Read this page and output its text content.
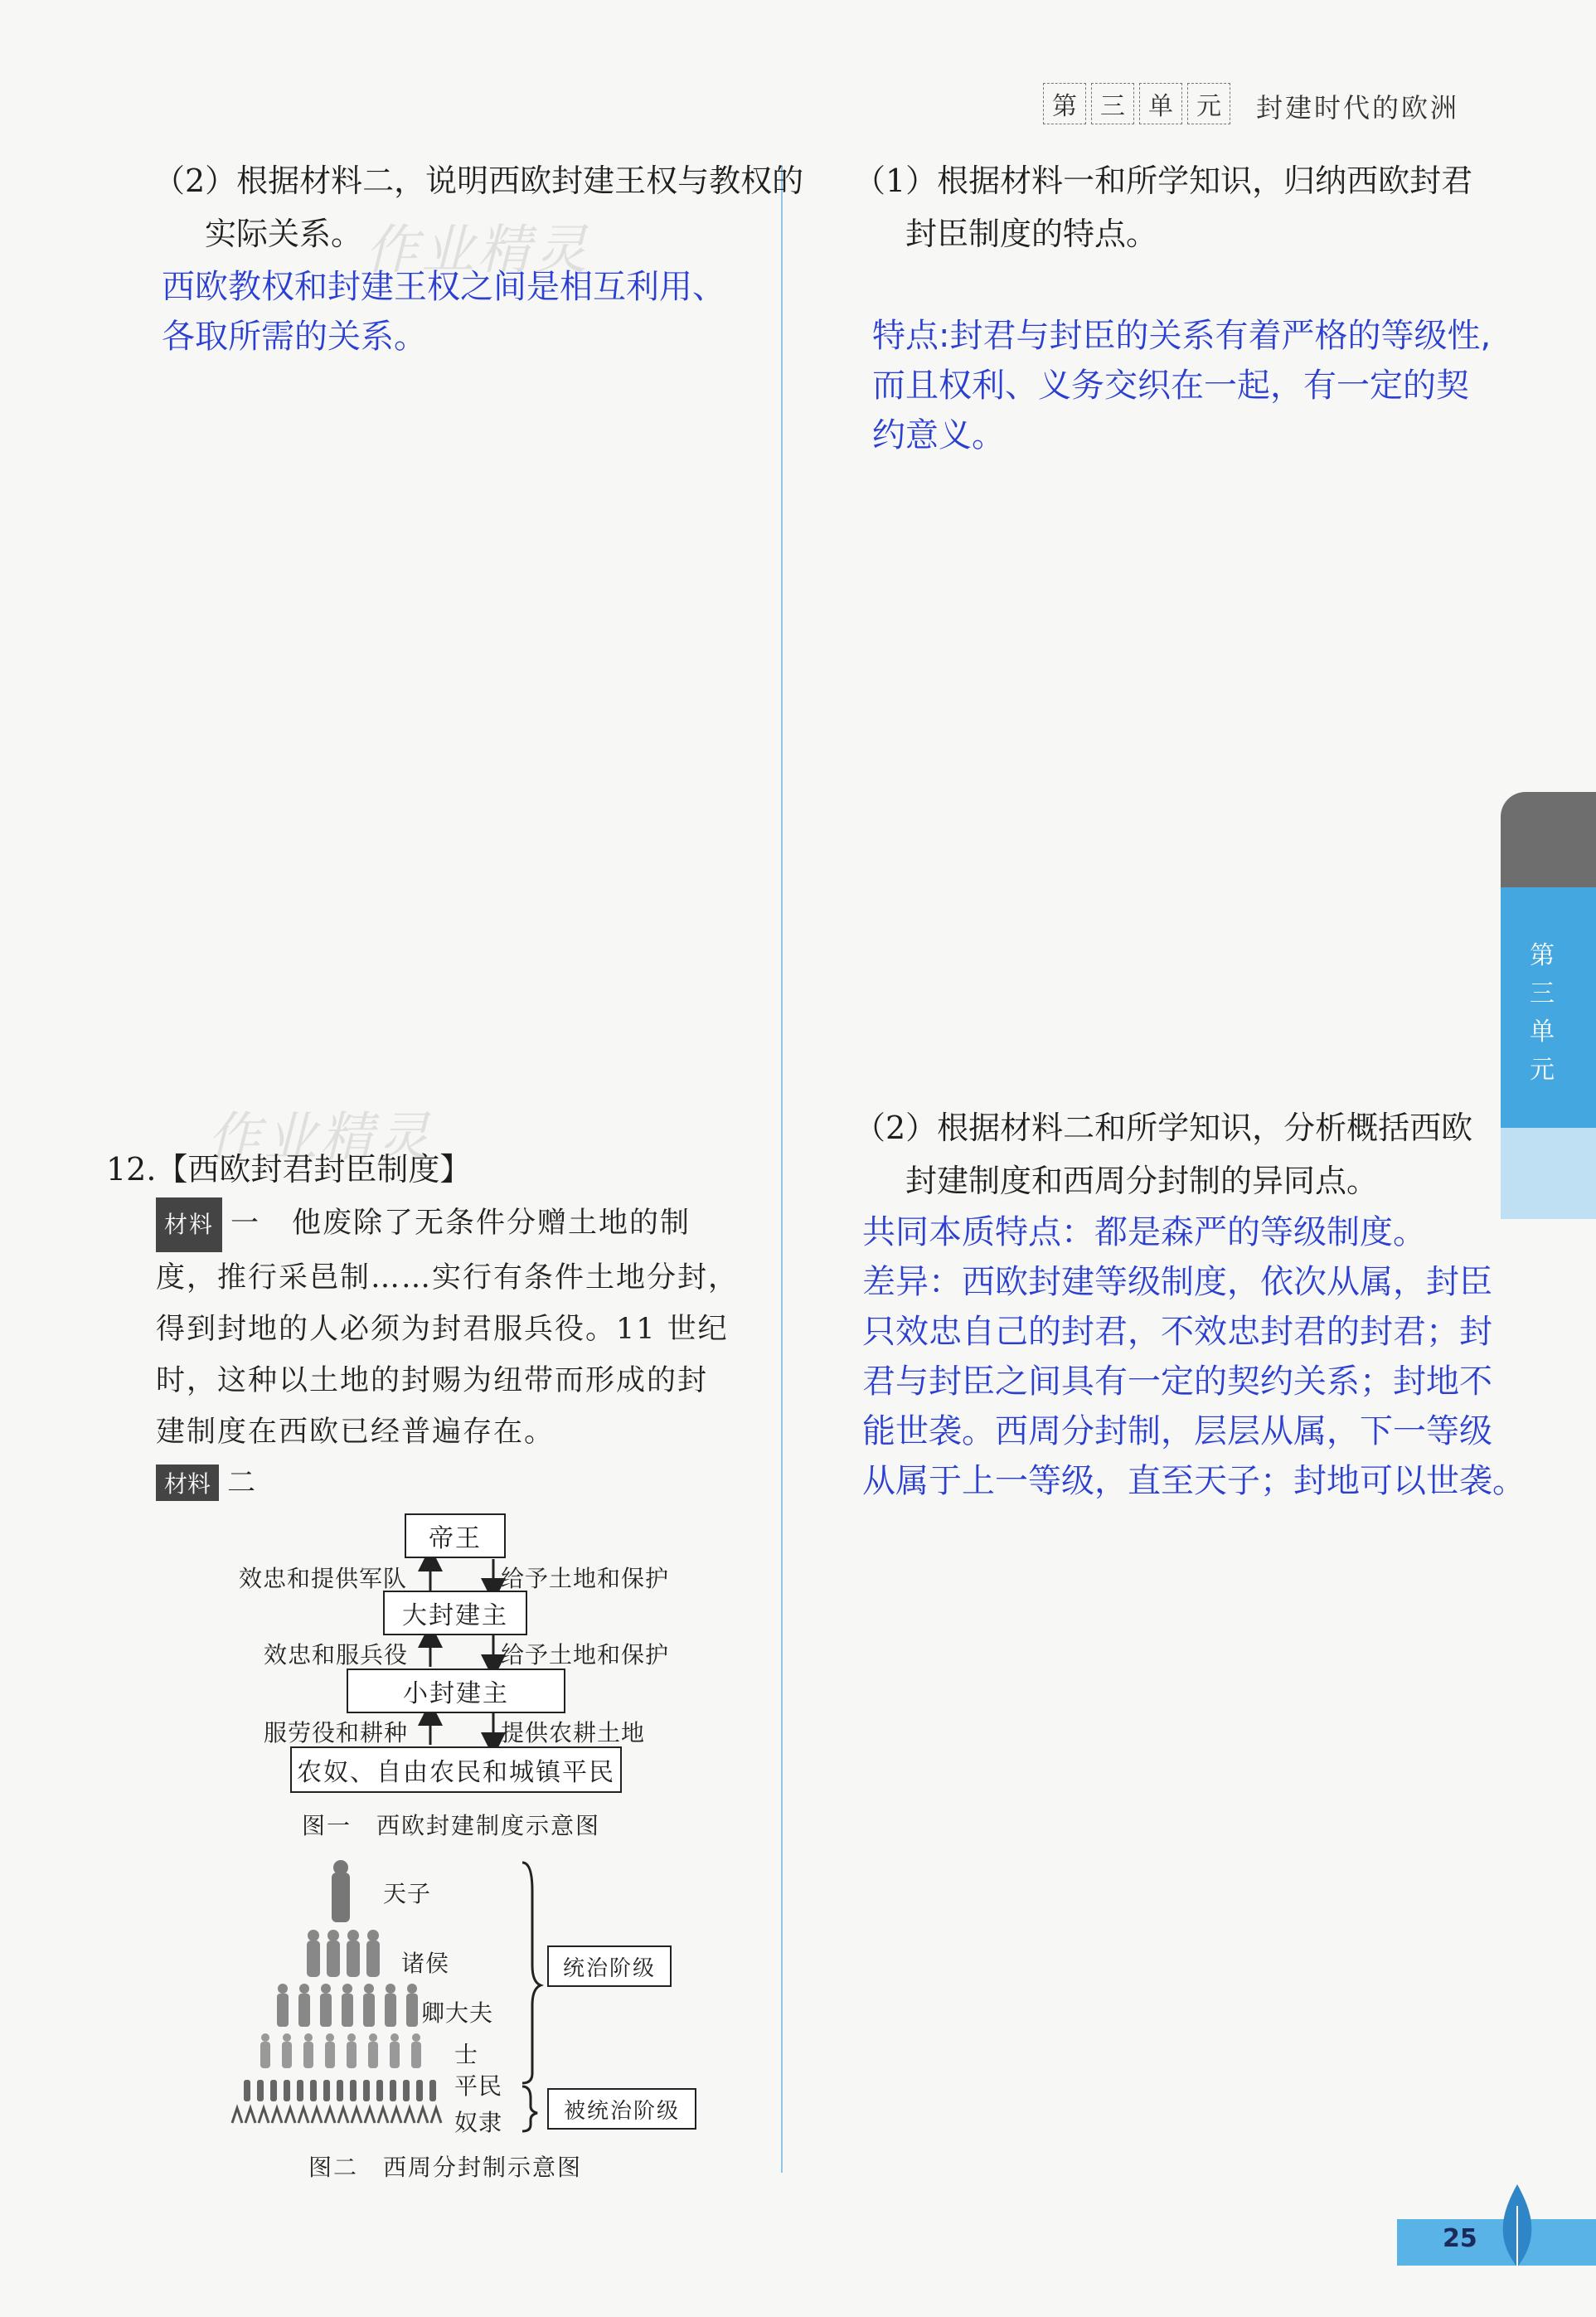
第 三 单 元	封建时代的欧洲
（2）根据材料二，说明西欧封建王权与教权的
实际关系。 作业精灵
西欧教权和封建王权之间是相互利用、
各取所需的关系。
（1）根据材料一和所学知识，归纳西欧封君
封臣制度的特点。
特点:封君与封臣的关系有着严格的等级性,
而且权利、义务交织在一起，有一定的契
约意义。
第
三
单
元
作业精灵
12.【西欧封君封臣制度】
材料 一 他废除了无条件分赠土地的制
度，推行采邑制……实行有条件土地分封，
得到封地的人必须为封君服兵役。11 世纪
时，这种以土地的封赐为纽带而形成的封
建制度在西欧已经普遍存在。
材料 二
帝王
大封建主
小封建主
农奴、自由农民和城镇平民
效忠和提供军队	给予土地和保护
效忠和服兵役	给予土地和保护
服劳役和耕种	提供农耕土地
图一　西欧封建制度示意图
天子
诸侯
卿大夫
士
平民
奴隶
统治阶级
被统治阶级
图二　西周分封制示意图
（2）根据材料二和所学知识，分析概括西欧
封建制度和西周分封制的异同点。
共同本质特点：都是森严的等级制度。
差异：西欧封建等级制度，依次从属，封臣
只效忠自己的封君，不效忠封君的封君；封
君与封臣之间具有一定的契约关系；封地不
能世袭。西周分封制，层层从属，下一等级
从属于上一等级，直至天子；封地可以世袭。
25
